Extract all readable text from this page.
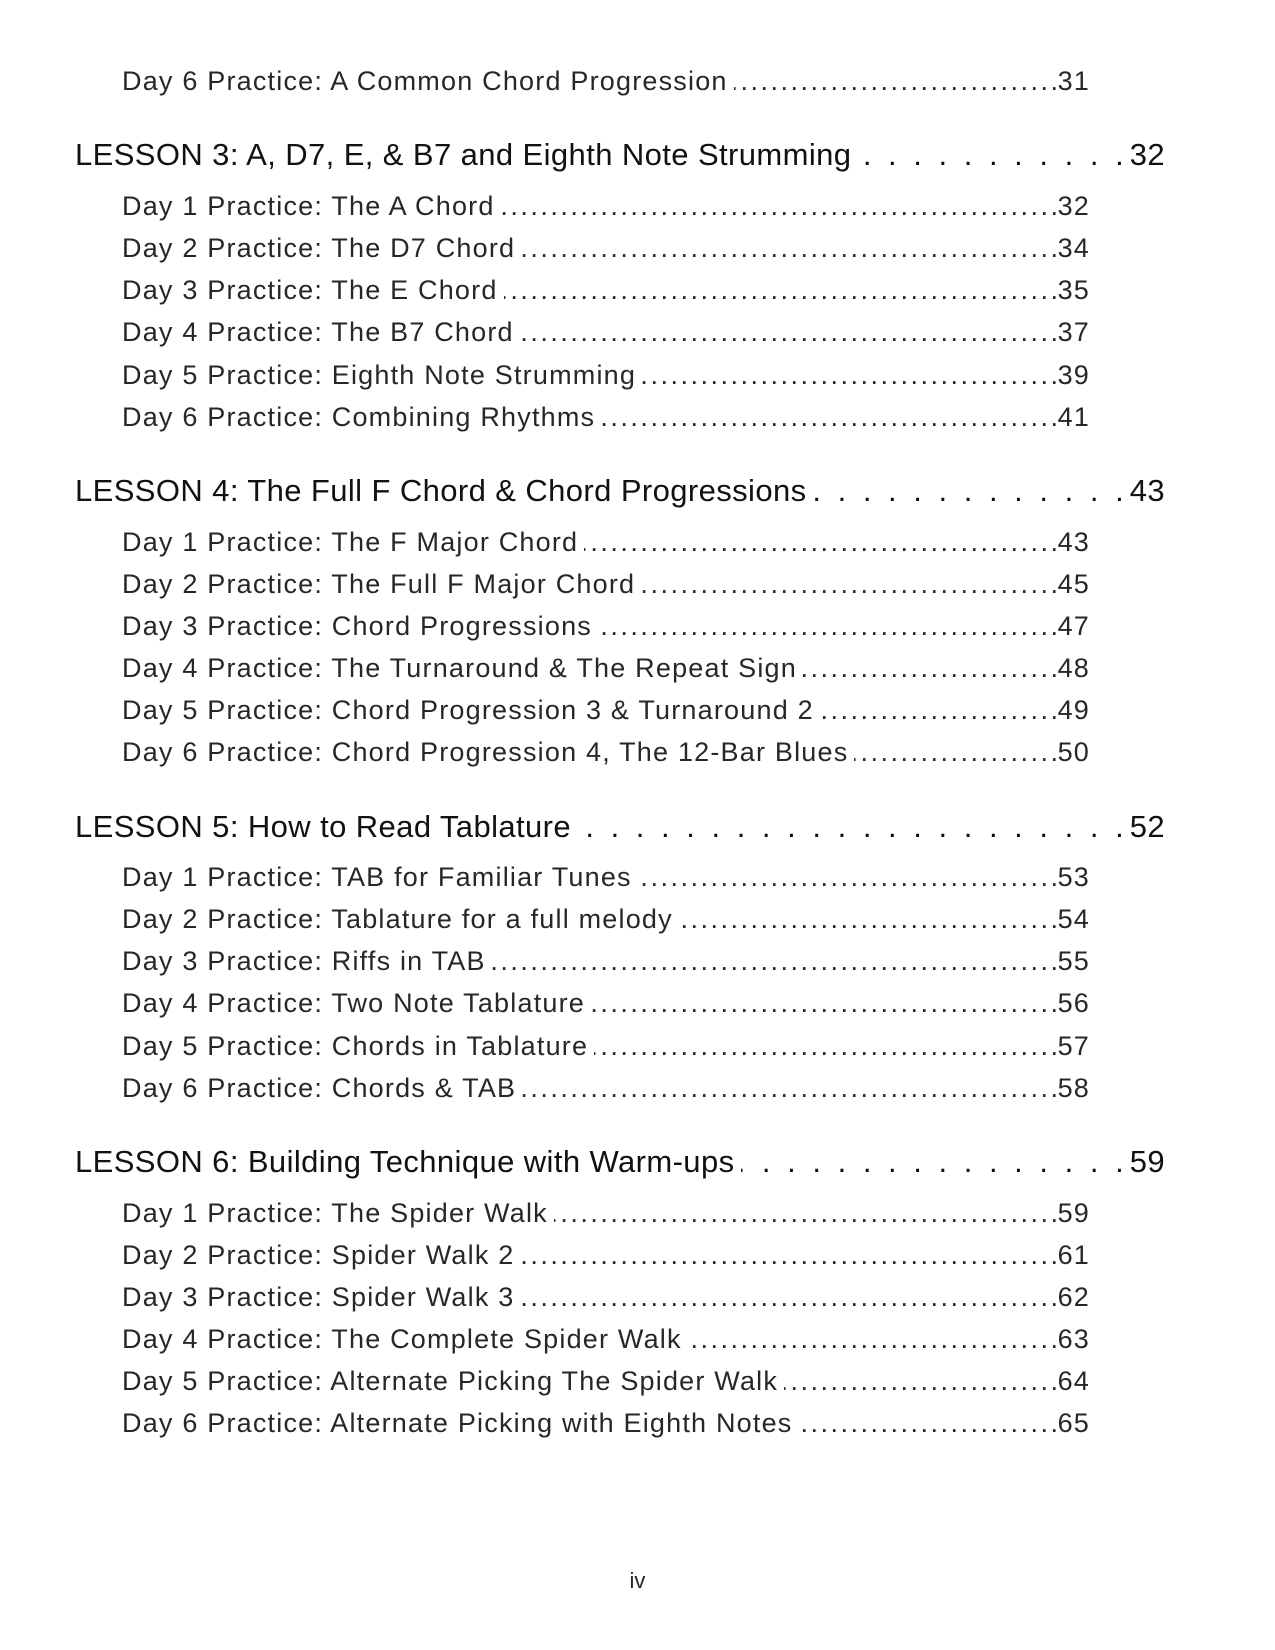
Day 6 Practice: A Common Chord Progression . . .	31
LESSON 3: A, D7, E, & B7 and Eighth Note Strumming . . .	32
Day 1 Practice: The A Chord . . .	32
Day 2 Practice: The D7 Chord . . .	34
Day 3 Practice: The E Chord . . .	35
Day 4 Practice: The B7 Chord . . .	37
Day 5 Practice: Eighth Note Strumming . . .	39
Day 6 Practice: Combining Rhythms . . .	41
LESSON 4: The Full F Chord & Chord Progressions . . .	43
Day 1 Practice: The F Major Chord . . .	43
Day 2 Practice: The Full F Major Chord . . .	45
Day 3 Practice: Chord Progressions . . .	47
Day 4 Practice: The Turnaround & The Repeat Sign . . .	48
Day 5 Practice: Chord Progression 3 & Turnaround 2 . . .	49
Day 6 Practice: Chord Progression 4, The 12-Bar Blues . . .	50
LESSON 5: How to Read Tablature . . .	52
Day 1 Practice: TAB for Familiar Tunes . . .	53
Day 2 Practice: Tablature for a full melody . . .	54
Day 3 Practice: Riffs in TAB . . .	55
Day 4 Practice: Two Note Tablature . . .	56
Day 5 Practice: Chords in Tablature . . .	57
Day 6 Practice: Chords & TAB . . .	58
LESSON 6: Building Technique with Warm-ups . . .	59
Day 1 Practice: The Spider Walk . . .	59
Day 2 Practice: Spider Walk 2 . . .	61
Day 3 Practice: Spider Walk 3 . . .	62
Day 4 Practice: The Complete Spider Walk . . .	63
Day 5 Practice: Alternate Picking The Spider Walk . . .	64
Day 6 Practice: Alternate Picking with Eighth Notes . . .	65
iv
